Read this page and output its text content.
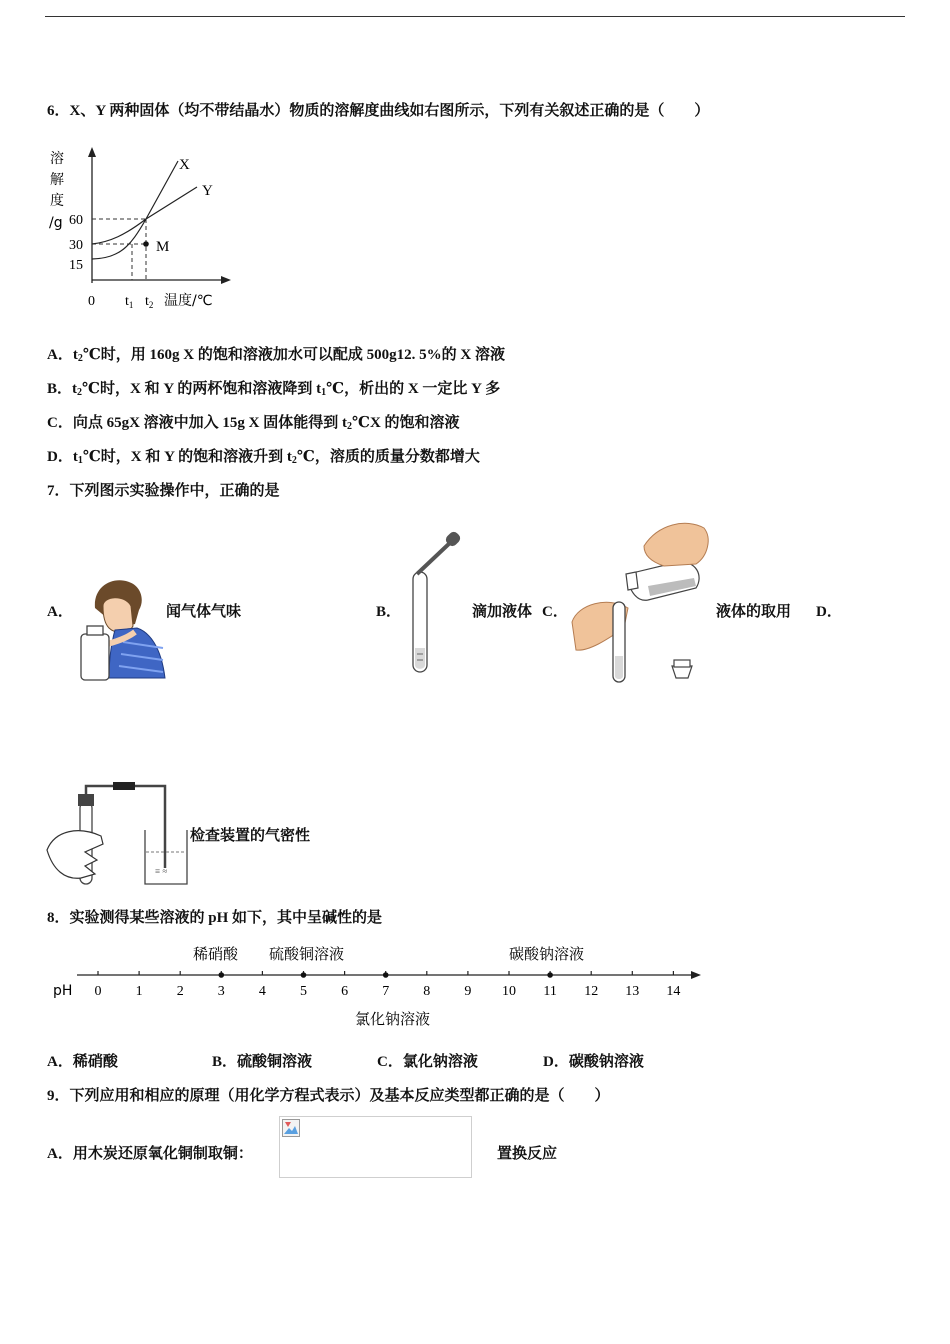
6．X、Y 两种固体（均不带结晶水）物质的溶解度曲线如右图所示，下列有关叙述正确的是（　　）
溶
解
度
/g 60
30
15
0 $t_1$ $t_2$ 温度/℃
X
Y
M
A．$t_2℃$时，用 160g X 的饱和溶液加水可以配成 500g12. 5%的 X 溶液
B．$t_2℃$时，X 和 Y 的两杯饱和溶液降到 $t_1℃$，析出的 X 一定比 Y 多
C．向点 65gX 溶液中加入 15g X 固体能得到 $t_2℃X$ 的饱和溶液
D．$t_1℃$时，X 和 Y 的饱和溶液升到 $t_2℃$，溶质的质量分数都增大
7．下列图示实验操作中，正确的是
A．	闻气体气味	B．	滴加液体 C．	液体的取用 D．
≡ ≈
检查装置的气密性
8．实验测得某些溶液的 pH 如下，其中呈碱性的是
pH 0 1 2 3 4 5 6 7 8 9 10 11 12 13 14
稀硝酸 硫酸铜溶液	碳酸钠溶液
氯化钠溶液
A．稀硝酸	B．硫酸铜溶液	C．氯化钠溶液	D．碳酸钠溶液
9．下列应用和相应的原理（用化学方程式表示）及基本反应类型都正确的是（　　）
A．用木炭还原氧化铜制取铜：	置换反应
